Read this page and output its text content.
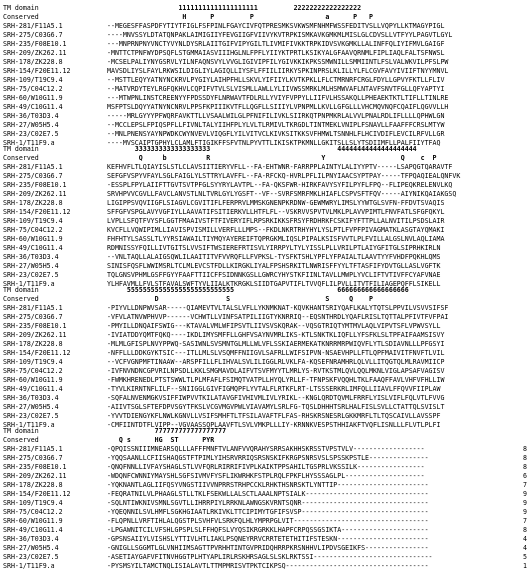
TM domain	11111111111111111111         22222222222222222
Conserved	H      P         P                  a      P   P
SRH-281/F11A5.1	--MEGESFFASPDFYTIYTFIGLFSFPINLFGAYCIVFQTPRESMKSVKWSMFNHMFWSSFEDITVSLLVQPYLLKTMAGYPIGL
SRH-275/C03G6.7	----MNVSSYLDTATQNPAKLAIMIGIIYFEVGIIGFVIIVYKVTRPKISMKAVKGMKMLMISLGLCDVSLLVTFYYLPAGVTLGYL
SRH-235/F08E10.1	---MNPRNPNYVNCTYVYNLDYSRLAIITGIFVIPYGILTLIVMIFIVKKTRPKIDVSVKGMKLLALINFFQLIYIFMVLGAIGF
SRH-209/ZK262.11	-MNTTCTPNFWYDPSQFLSTGMMAIASVIIIHGLNLFPFLYIIYKTPRTLKSIKYALGFAAVQRNMLFIPLIAQLFALTSFNWSL
SRH-178/ZK228.8	-MCSELPALIYNYGSRVLYILNFAQNSVYLVVGLIGIVIPFILYGIVKKIKPKSSMWNILLSMMIINTLFSLVALWKVILPFSLPW
SRH-154/F20E11.12	MAVSDLIYSLFAYLRKWSILDIGLIYLAGIQLLIYSFLFFIILIIRKYSPKINPRSLKLILLYLFLCGVFAVYIVIIFTNYYMNVL
SRH-109/T19C9.4	--MSTTLEQYYATNYNCKRVLPYGIYLAIHPFHLLSKVLYIFIIYLKVTKPKLLFLCTMRNRFCRGLFDYLLGPVYFKTLLFLIV
SRH-75/C04C12.2	--MATVRDYTEYLRGFQKHVLCQPIFVTVLSLVISMLLAWLLYLIIVWSSMRKLMLHSMWVAFLNTAVFSNVTFGLLQFYAPTYI
SRH-60/W10G11.9	---MTWPNLINSTCREENYYFPDSSDYFLNRWAVTFDLRLLYVIYFVPPYLLIIFVLHSSAKQLLPHEAEKTKTLTIFLLTINLRE
SRH-49/C10G11.4	MSFPTSLDQYYATNYNCNRVLPPSFKPIIIKVTFLLQGFLLSIIIYLVPNPMLLKVLLGFGLLLVHCMQVNQFCQAIFLQGVVLLH
SRH-36/T03D3.4	-----MRLGYYYPFWQRFAVKTTLLVSAALWILGLPFNIFILIVKLSIIRKQTPNPMKRLALVVLPNALRDLIFLLLLQPHWLGN
SRH-27/W05H5.4	--MCCLEPSLFPIQSPFLLFIVNLTALYIIHFPLYLVLTLRMIVLTKRGDLTINTMEKLVNIPLFSNAVLLFAAFFFCRSLMTYW
SRH-23/C02E7.5	--MNLPNENSYAYNPWDKCWYNVEVLVIQGFLYILVITVCLKIVKSITKKSVFHMWLTSNNHLFLHCIVDIFLEVCILRFVLLGR
SRH-1/T11F9.a	----MVSCAIPTGPHYLCLAMLFTIGIKFFSFVTNLPYVTTLIKISKTPKMNLLGKITSLLSLYTSDIIMFLLPALFIIYTFAQ
TM domain	3333333333333333333                                44444444444444444444
Conserved	Q     b          R                            Y                   Q    c  P
SRH-281/F11A5.1	KEFHVFLTLQIAYISLSTLCLAVSIITIERYVFLL--FA-EHTWNR-FARRPPLAINTYLALIYYPTV-----LSAPQGTQARAVTF
SRH-275/C03G6.7	SEFGFVSPYVFAYLSGLFAIGLYLSTTRYLAVFFL--FA-RFCKQ-HVRLPFLILPNYIAACSYPTPAY-----TFPQAQIEALQNFVK
SRH-235/F08E10.1	-ESSPLFPYLAIIFTTGVTSVTPFGLSYYRYLAVTPL--FA-QKSFWR-HIRKFAVYSYFILPYFLFPQ--FLIPEQKRELENVLKQ
SRH-209/ZK262.11	SRVHPVVCGVLLFAVCLANVSTLNLTVRLGYLYGSFT--VF--SVRFSMRFMKLHIAFLCSPVSFTFQV-----AIYNIKQAIAKGSQ
SRH-178/ZK228.8	LIGIPPSVQVIIGFLSIAGVLCGVITIFLFERPRVLMMSKGNENPKRDNW-GEWMWRYLIMSLYYWTGLSVFN-FFDVTSVAQIS
SRH-154/F20E11.12	SFFGFVSPGLAVYVGFIYLLAAVATIFSITIERKVLLHTFLFL--VSKRVVSPVTVLMKLPLAVVPIMTLFNVFATLSFGFQKYL
SRH-109/T19C9.4	LVPLLSFQTFVYSFLGGTFMAAIVSTFTFIVERYIFLRPSRKIKKSFRSYFRDHRKFCSKIFYFTTPLLALNVITILPSDSLAIR
SRH-75/C04C12.2	KVCFLLVQWIPIMLLIAVISPVISMILLVERFLLLMPS--FKDLNKRTRHYHYLYSLPTLFVPFPIVAGMATKLASGTAYQMAKI
SRH-60/W10G11.9	FHFHTYLSASSLTLYYRSIAWAILTIYMQYAYEREIFTQPRGKMLIQSLPIPALKSISFVVTLPLFVILLALGSLNVLAQLIAMA
SRH-49/C10G11.4	RDMNISSYFQILLIVTGITSLVVSIFTWSIEREFRTISVLYIRRPYLTYLYISSLPLLVRILPTLAIYGFITGLSIPRHKIRLN
SRH-36/T03D3.4	--VNLTAQLLALAIGSQWLILAAITITVFVVRQFLLFVPKSL-TYSFKTSHLYPFLYFPAIALTLAAVTYYFVHDFPQKHLQMS
SRH-27/W05H5.4	SINISFQSFLWWIMSRLTCLMLEVCSTFDLLKIRGKLIYALFPSHSRKITLNWRISFFYYLTFTASFIFYDVTGLLASLVGFTK
SRH-23/C02E7.5	TQLGNSVPHMLGSFFGYYFAAFTTIICFFSIDNNKGSLLGWRCYHYSTKFIINLTAVLLMWPLYVCLIFTVTIVFFCYAFVNAE
SRH-1/T11F9.a	YLHFAVMLLFVLSTFAVALSWFTYVLIIALKTKRGKLSIIDTGAPVTIFLTVVQFLILPVLLITVTFILIAGEPQFFLSIKELL
TM domain	555555555555555555555555555                          666666666666666666
Conserved	D                 S                        S     Q    P
SRH-281/F11A5.1	-PIYVLLDNPWVSAR-----QIAMEVTVLTALSLVFLLYKNMKNAT-KQVKHANTSRIYQAFLKALYTQTSLPPVILVSVVSIFSF
SRH-275/C03G6.7	-VFVLATNVWPHVVP------VCHWTLLVINFSATPILIIGTYKNRRIQ--EQSNTHRDLYQAFLRISLTQTTALPFIVTFVFPAI
SRH-235/F08E10.1	-PMYILLDNQAIFSWIG---KTAVALVMLWFIPSVTLIIVSVSKQRAK--VQSGTRIQTYMTMVLAQLVIPVTSFLVPWVSYLL
SRH-209/ZK262.11	-IVIATDDYQMTFQKQ----IKDLIMYSMFFLLGHFVSAYNVMRLIKS-KTLSNKTKLIQFLLYFSFKLSLTPFAIFAAMSISVY
SRH-178/ZK228.8	-MLMLGFISPLNVYPPWQ-SASIWNLSVSMNTGLMLLWLVFLSSKIAERMEKATKNRRMRPWIQVFLYTLSDIAVNLLLPFGSYI
SRH-154/F20E11.12	-NFFLLLDDKGYKTSIC---ITLLMLSLVSQMFFNIIGVLSAFRLLWIFSIPVN-NSAEVHPLLFTLQPFMAIVITFNVFTLVIL
SRH-109/T19C9.4	--VCFVGNPMFTINAAW--ARSPFILLFLIHVALSVLILIGGLRLVKLFA-KQSEFNRAMHRLQLVLLITQGTQLMLRAVMIICP
SRH-75/C04C12.2	-IVFNVNDNCGPVRILNPSDLLKKLSMGMAVDLAIFVTSVFMYYTLMRLYS-RVTKSTMLQVLQQLMKNLVIGLAPSAFVAGISV
SRH-60/W10G11.9	-FWMKHRENEDLPTSTSWWLTLPLMFAFLFSIMQTVATPLLHYQLYRLLF-TFNPSKFVQQHLTKLFAAQFFAVLVHFVFHLLIW
SRH-49/C10G11.4	-TYVLKIRNTNFLILF--SNIIGGLGIVFIGMQPFLYVTALFLRTKFLRT-LTSSSERKRLIMFQLLIIAVLFFQVVFIIPLAW
SRH-36/T03D3.4	-SQFALNVENMGKVSIFFIWPVVTKILATAVGFIVHIVMLIVLYRIKL--KNGLQRDTQVMLFRRFLYISLVIFLFQLVTLFVVG
SRH-27/W05H5.4	-AIIVTSGLSFTEFDPVSGYTFKSLVCGVMGVPWLVIAVAMYLSRLFG-TQSLDHHHTSRLHALFISLSVLLCTATTQLSVISLT
SRH-23/C02E7.5	-YVVTDIENGYKFLNWLKGNVLLVSIFSMHFTLTFSILAVAFTFLFAS-RHSKRSNESRLGKKMRFLTLTQSCAIVLLAVSSPF
SRH-1/T11F9.a	-CMFIINTDTFLVIPP--VGVAASSQPLAAVFTLSVLVMKPLLLIY-KRNNKVESPSTHHIAKFTVQFLISNLLLFLVTLPLFI
TM domain	777777777777777777
Conserved	Q s      HG  ST      PYR
SRH-281/F11A5.1	-QPQISSNIIIMNEARSQLLLAFFFMNFTVLANFVVQRAHYSRRSAKHHSKRSSTVPSTVLV------------------	8
SRH-275/C03G6.7	-YQQSAANLLCFIISHAQGSTFTPIMLYIHSRVRRIQSRSNSKIFKRGPSNRSVSLSPSSKPSTLE---------------	8
SRH-235/F08E10.1	-QNQFNNLLIVFAYSHAGLSTLVVFQRLRIRRIFIVPLKAIKTPPSAHILTGSPRLVKSSILK-----------------	8
SRH-209/ZK262.11	-WDQNFCWNNIYMAYSHLSGFSIVMVFYSFLIKWRHKFSTPLRQLFPKFLHYSSSAGLPL--------------------	6
SRH-178/ZK228.8	-YQKNANTLAGLIIFQSYVNGSTIIVVNPRRSTRHPCCKLRHKTHSNRSKTLYNTTIP-----------------------	7
SRH-154/F20E11.12	-FEQRATNILVLPHAAGLSTLLTKLFSEKWLLALSCTLAAALNPTSIALK-------------------------------	9
SRH-109/T19C9.4	-SQLNTIWKNIVSMNLSGVTLLIHRRPIYLRRKNLAWNGSKVRNTSQNR--------------------------------	9
SRH-75/C04C12.2	-YQEQNNILSVLHMFLSGKHGIAATLRKIVKLTTCIPIMYTGFIFSVSP--------------------------------	9
SRH-60/W10G11.9	-FLQPNLLVRFTIHLALQGSTPLSVHFVLSRKFQLHLYMPRPGLVIT----------------------------------	7
SRH-49/C10G11.4	-LPGAWNITCILVFSHLGPSPLSLFFHQFSLVYQSIKRGRKKLHAPFCRPQSSGSIKTA----------------------	8
SRH-36/T03D3.4	-GPSNSAIIYLVISHSLYTTIVLHTLIAKLPSQNEYRRVCRRTETETHITIFSTESKN-----------------------	4
SRH-27/W05H5.4	-GNIGLLSGGMTLGLVNHIIMSAGTTPVRHHTINTGVPRIDQHRRPKRSNHHVLIPDVSGEIKFS----------------	4
SRH-23/C02E7.5	-ASETIAYGAFVFITNVHGGTPLHTYAPLIRLRSKHRSAGLSLSKLRKTSSI------------------------------	5
SRH-1/T11F9.a	-PYSMSYILTAMCTNQLISIALAVTLTTMPMRISVTPKTCIKPSQ------------------------------------	1
